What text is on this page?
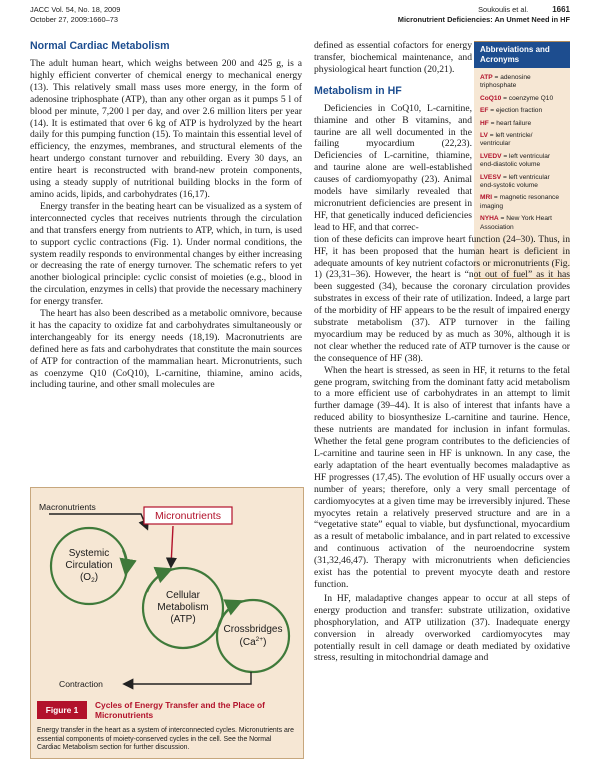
JACC Vol. 54, No. 18, 2009
October 27, 2009:1660–73
Soukoulis et al.	1661
Micronutrient Deficiencies: An Unmet Need in HF
Normal Cardiac Metabolism

The adult human heart, which weighs between 200 and 425 g, is a highly efficient converter of chemical energy to mechanical energy (13). This relatively small mass uses more energy, in the form of adenosine triphosphate (ATP), than any other organ as it pumps 5 l of blood per minute, 7,200 l per day, and over 2.6 million liters per year (14). It is estimated that over 6 kg of ATP is hydrolyzed by the heart daily for this pumping function (15). To maintain this essential level of efficiency, the enzymes, membranes, and structural elements of the heart undergo constant turnover and rebuilding. Every 30 days, an entire heart is reconstructed with brand-new protein components, using a steady supply of nutritional building blocks in the form of amino acids, lipids, and carbohydrates (16,17).

Energy transfer in the beating heart can be visualized as a system of interconnected cycles that receives nutrients through the circulation and that transfers energy from nutrients to ATP, which, in turn, is used to support cyclic contractions (Fig. 1). Under normal conditions, the system readily responds to environmental changes by either increasing or decreasing the rate of energy turnover. The schematic refers to yet another biological principle: cyclic consist of moieties (e.g., blood in the circulation, enzymes in cells) that provide the necessary machinery for energy transfer.

The heart has also been described as a metabolic omnivore, because it has the capacity to oxidize fat and carbohydrates simultaneously or interchangeably for its energy needs (18,19). Macronutrients are defined here as fats and carbohydrates that constitute the main sources of ATP for contraction of the mammalian heart. Micronutrients, such as coenzyme Q10 (CoQ10), L-carnitine, thiamine, amino acids, including taurine, and other small molecules are

Macronutrients
Micronutrients
Systemic
Circulation
$(O_2)$
Cellular
Metabolism
(ATP)
Crossbridges
$(Ca^{2+})$
Contraction
Figure 1	Cycles of Energy Transfer and the Place of Micronutrients
Energy transfer in the heart as a system of interconnected cycles. Micronutrients are essential components of moiety-conserved cycles in the cell. See the Normal Cardiac Metabolism section for further discussion.
Abbreviations and Acronyms
ATP = adenosine triphosphate
CoQ10 = coenzyme Q10
EF = ejection fraction
HF = heart failure
LV = left ventricle/ ventricular
LVEDV = left ventricular end-diastolic volume
LVESV = left ventricular end-systolic volume
MRI = magnetic resonance imaging
NYHA = New York Heart Association

defined as essential cofactors for energy transfer, biochemical maintenance, and physiological heart function (20,21).

Metabolism in HF

Deficiencies in CoQ10, L-carnitine, thiamine and other B vitamins, and taurine are all well documented in the failing myocardium (22,23). Deficiencies of L-carnitine, thiamine, and taurine alone are well-established causes of cardiomyopathy (23). Animal models have similarly revealed that micronutrient deficiencies are present in HF, that genetically induced deficiencies lead to HF, and that correc-

tion of these deficits can improve heart function (24–30). Thus, in HF, it has been proposed that the human heart is deficient in adequate amounts of key nutrient cofactors or micronutrients (Fig. 1) (23,31–36). However, the heart is “not out of fuel” as it has been suggested (34), because the coronary circulation provides substrates in excess of their rate of utilization. Indeed, a large part of the morbidity of HF appears to be the result of impaired energy substrate metabolism (37). ATP turnover in the failing myocardium may be reduced by as much as 30%, although it is not clear whether the reduced rate of ATP turnover is the cause or the consequence of HF (38).

When the heart is stressed, as seen in HF, it returns to the fetal gene program, switching from the dominant fatty acid metabolism to a more efficient use of carbohydrates in an attempt to limit further damage (39–44). It is also of interest that infants have a reduced ability to biosynthesize L-carnitine and taurine. Hence, these nutrients are mandated for inclusion in infant formulas. Whether the fetal gene program contributes to the deficiencies of L-carnitine and taurine seen in HF is unknown. In any case, the early adaptation of the heart eventually becomes maladaptive as HF progresses (17,45). The evolution of HF usually occurs over a number of years; therefore, only a very small percentage of cardiomyocytes at a given time may be irreversibly injured. These myocytes retain a relatively preserved structure and are in a “vegetative state” equal to viable, but dysfunctional, myocardium as a result of metabolic imbalance, and in part related to excessive and continuous activation of the neuroendocrine system (31,32,46,47). Therapy with micronutrients when deficiencies exist has the potential to prevent myocyte death and restore function.

In HF, maladaptive changes appear to occur at all steps of energy production and transfer: substrate utilization, oxidative phosphorylation, and ATP utilization (37). Inadequate energy conversion in already overworked cardiomyocytes may potentially result in cell damage or death mediated by oxidative stress, resulting in mitochondrial damage and
